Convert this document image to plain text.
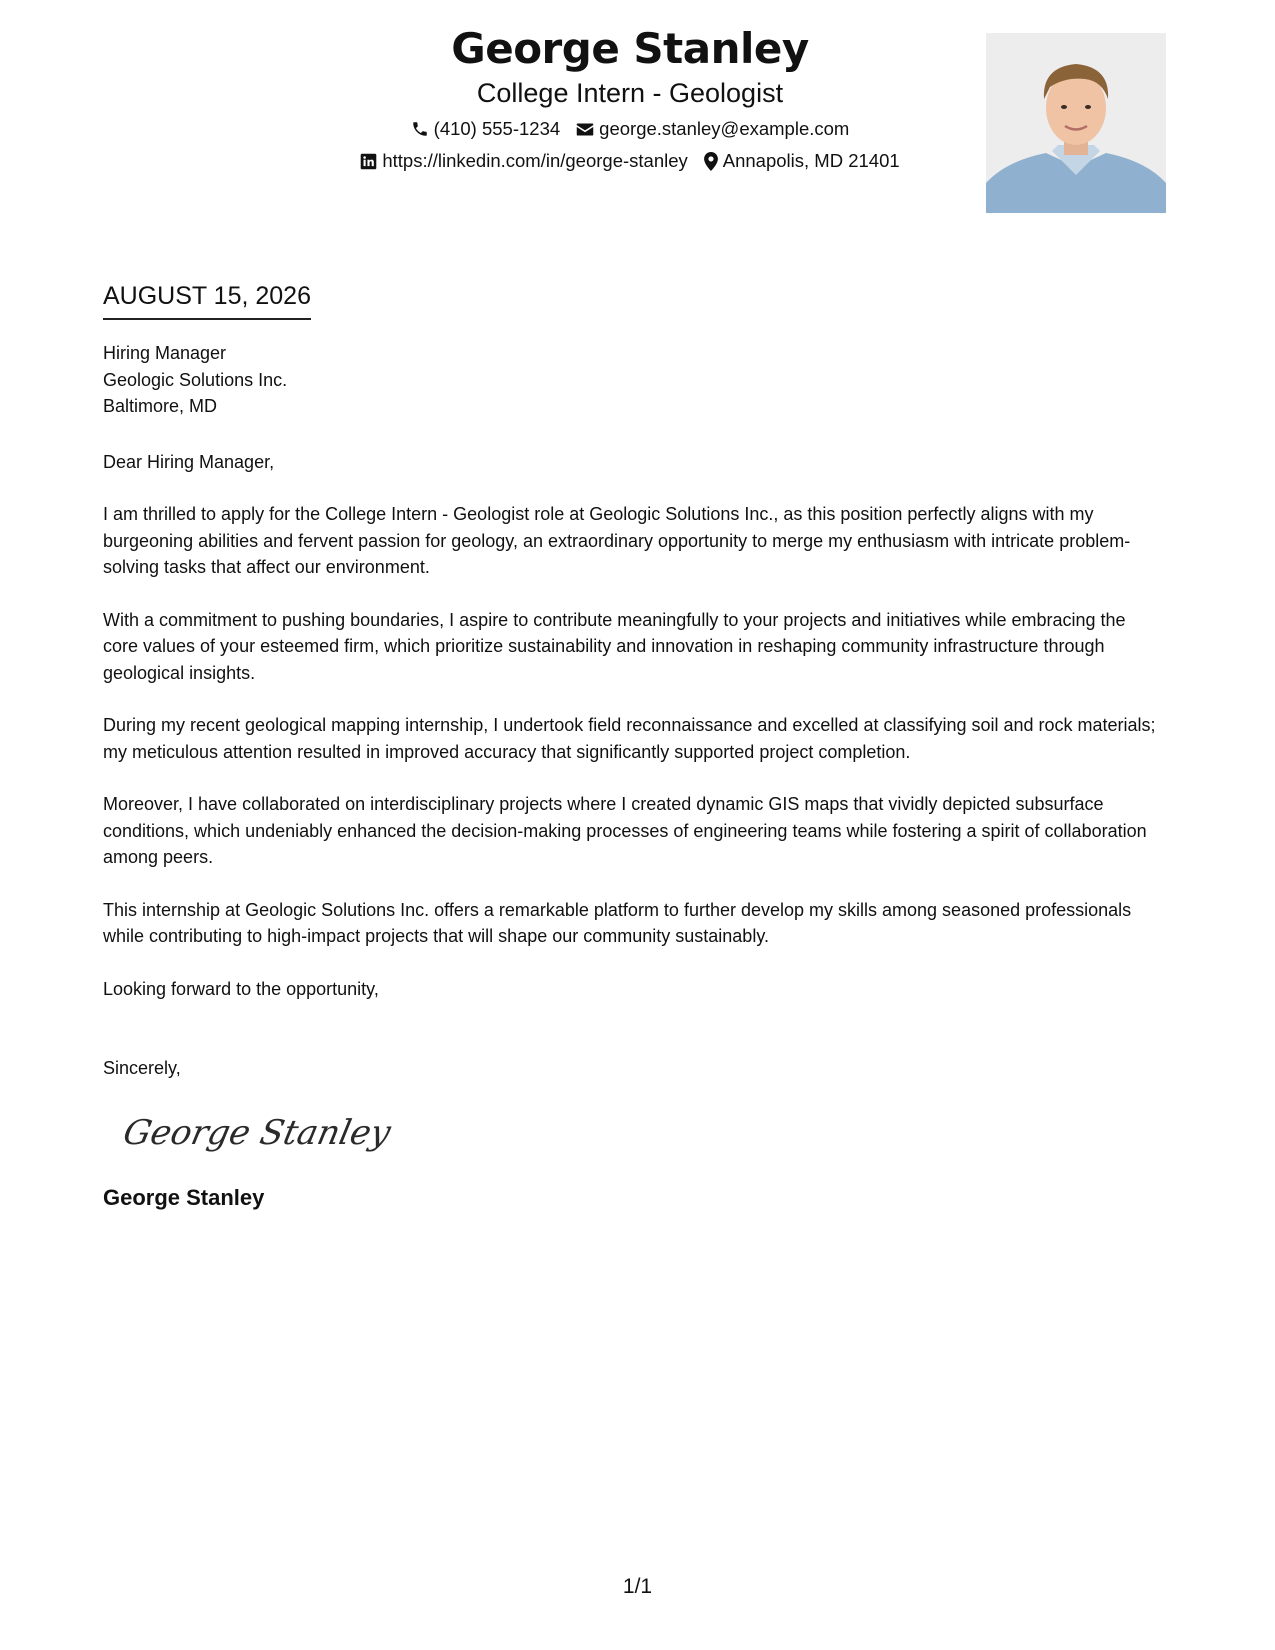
George Stanley
College Intern - Geologist
(410) 555-1234 george.stanley@example.com
https://linkedin.com/in/george-stanley Annapolis, MD 21401
AUGUST 15, 2026

Hiring Manager

Geologic Solutions Inc.

Baltimore, MD

Dear Hiring Manager,

I am thrilled to apply for the College Intern - Geologist role at Geologic Solutions Inc., as this position perfectly aligns with my burgeoning abilities and fervent passion for geology, an extraordinary opportunity to merge my enthusiasm with intricate problem-solving tasks that affect our environment.

With a commitment to pushing boundaries, I aspire to contribute meaningfully to your projects and initiatives while embracing the core values of your esteemed firm, which prioritize sustainability and innovation in reshaping community infrastructure through geological insights.

During my recent geological mapping internship, I undertook field reconnaissance and excelled at classifying soil and rock materials; my meticulous attention resulted in improved accuracy that significantly supported project completion.

Moreover, I have collaborated on interdisciplinary projects where I created dynamic GIS maps that vividly depicted subsurface conditions, which undeniably enhanced the decision-making processes of engineering teams while fostering a spirit of collaboration among peers.

This internship at Geologic Solutions Inc. offers a remarkable platform to further develop my skills among seasoned professionals while contributing to high-impact projects that will shape our community sustainably.

Looking forward to the opportunity,

Sincerely,

George Stanley

George Stanley

1/1
